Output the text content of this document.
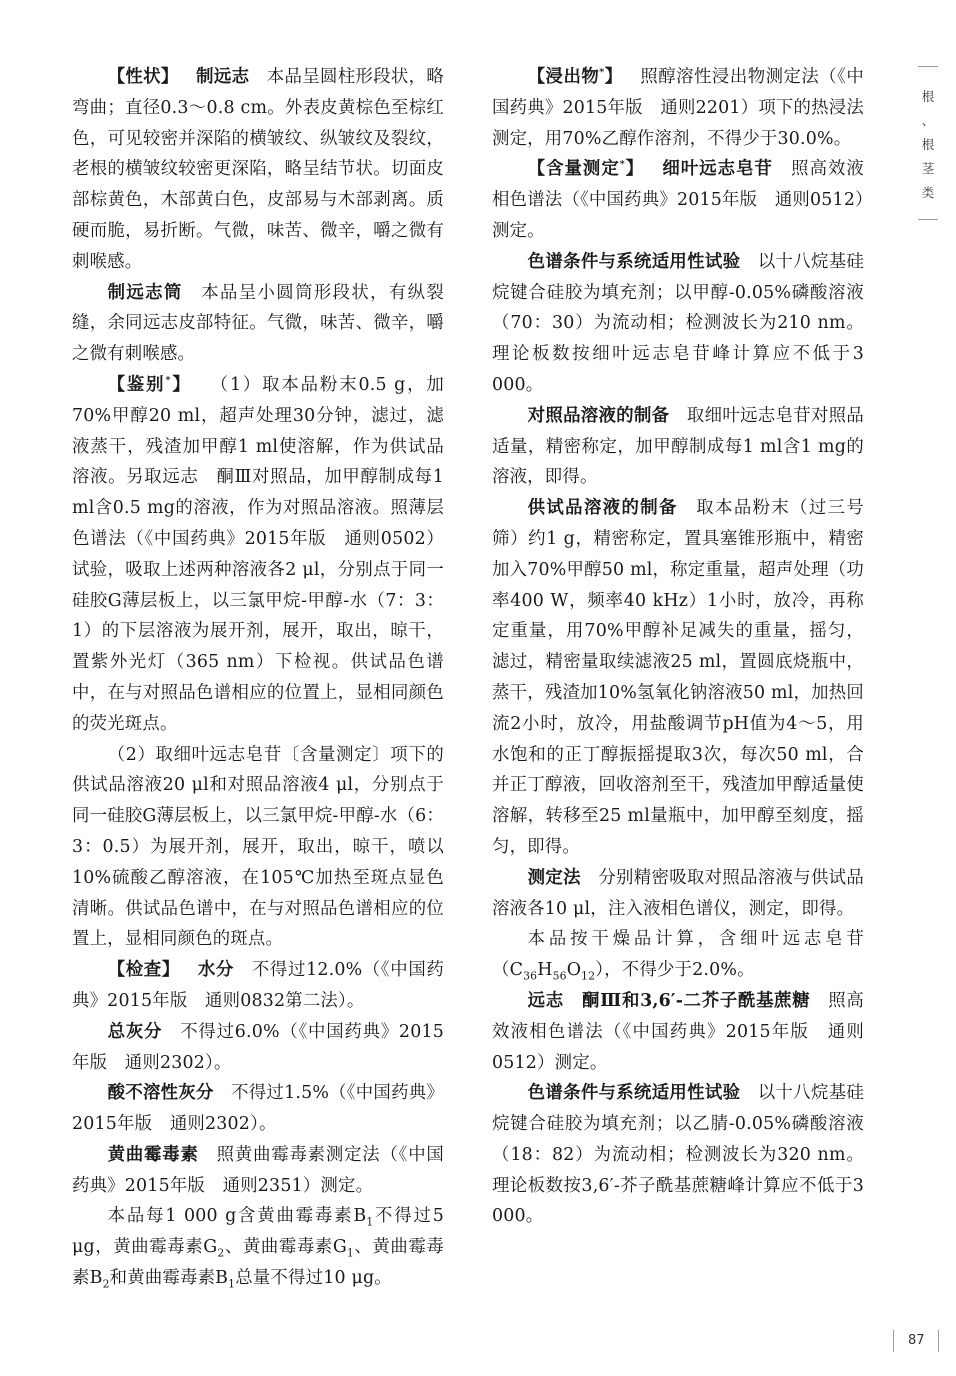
根
、
根
茎
类

【性状】 制远志 本品呈圆柱形段状，略弯曲；直径0.3～0.8 cm。外表皮黄棕色至棕红色，可见较密并深陷的横皱纹、纵皱纹及裂纹，老根的横皱纹较密更深陷，略呈结节状。切面皮部棕黄色，木部黄白色，皮部易与木部剥离。质硬而脆，易折断。气微，味苦、微辛，嚼之微有刺喉感。

制远志筒 本品呈小圆筒形段状，有纵裂缝，余同远志皮部特征。气微，味苦、微辛，嚼之微有刺喉感。

【鉴别*】 （1）取本品粉末0.5 g，加70%甲醇20 ml，超声处理30分钟，滤过，滤液蒸干，残渣加甲醇1 ml使溶解，作为供试品溶液。另取远志　酮Ⅲ对照品，加甲醇制成每1 ml含0.5 mg的溶液，作为对照品溶液。照薄层色谱法（《中国药典》2015年版　通则0502）试验，吸取上述两种溶液各2 μl，分别点于同一硅胶G薄层板上，以三氯甲烷-甲醇-水（7：3：1）的下层溶液为展开剂，展开，取出，晾干，置紫外光灯（365 nm）下检视。供试品色谱中，在与对照品色谱相应的位置上，显相同颜色的荧光斑点。

（2）取细叶远志皂苷〔含量测定〕项下的供试品溶液20 μl和对照品溶液4 μl，分别点于同一硅胶G薄层板上，以三氯甲烷-甲醇-水（6：3：0.5）为展开剂，展开，取出，晾干，喷以10%硫酸乙醇溶液，在105℃加热至斑点显色清晰。供试品色谱中，在与对照品色谱相应的位置上，显相同颜色的斑点。

【检查】 水分 不得过12.0%（《中国药典》2015年版　通则0832第二法）。

总灰分 不得过6.0%（《中国药典》2015年版　通则2302）。

酸不溶性灰分 不得过1.5%（《中国药典》2015年版　通则2302）。

黄曲霉毒素 照黄曲霉毒素测定法（《中国药典》2015年版　通则2351）测定。

本品每1 000 g含黄曲霉毒素$B_1$不得过5 μg，黄曲霉毒素$G_2$、黄曲霉毒素$G_1$、黄曲霉毒素$B_2$和黄曲霉毒素$B_1$总量不得过10 μg。

【浸出物*】 照醇溶性浸出物测定法（《中国药典》2015年版　通则2201）项下的热浸法测定，用70%乙醇作溶剂，不得少于30.0%。

【含量测定*】 细叶远志皂苷 照高效液相色谱法（《中国药典》2015年版　通则0512）测定。

色谱条件与系统适用性试验 以十八烷基硅烷键合硅胶为填充剂；以甲醇-0.05%磷酸溶液（70：30）为流动相；检测波长为210 nm。理论板数按细叶远志皂苷峰计算应不低于3 000。

对照品溶液的制备 取细叶远志皂苷对照品适量，精密称定，加甲醇制成每1 ml含1 mg的溶液，即得。

供试品溶液的制备 取本品粉末（过三号筛）约1 g，精密称定，置具塞锥形瓶中，精密加入70%甲醇50 ml，称定重量，超声处理（功率400 W，频率40 kHz）1小时，放冷，再称定重量，用70%甲醇补足减失的重量，摇匀，滤过，精密量取续滤液25 ml，置圆底烧瓶中，蒸干，残渣加10%氢氧化钠溶液50 ml，加热回流2小时，放冷，用盐酸调节pH值为4～5，用水饱和的正丁醇振摇提取3次，每次50 ml，合并正丁醇液，回收溶剂至干，残渣加甲醇适量使溶解，转移至25 ml量瓶中，加甲醇至刻度，摇匀，即得。

测定法 分别精密吸取对照品溶液与供试品溶液各10 μl，注入液相色谱仪，测定，即得。

本品按干燥品计算，含细叶远志皂苷$(C_{36}H_{56}O_{12})$，不得少于2.0%。

远志　酮Ⅲ和3,6′-二芥子酰基蔗糖 照高效液相色谱法（《中国药典》2015年版　通则0512）测定。

色谱条件与系统适用性试验 以十八烷基硅烷键合硅胶为填充剂；以乙腈-0.05%磷酸溶液（18：82）为流动相；检测波长为320 nm。理论板数按3,6′-芥子酰基蔗糖峰计算应不低于3 000。

87
